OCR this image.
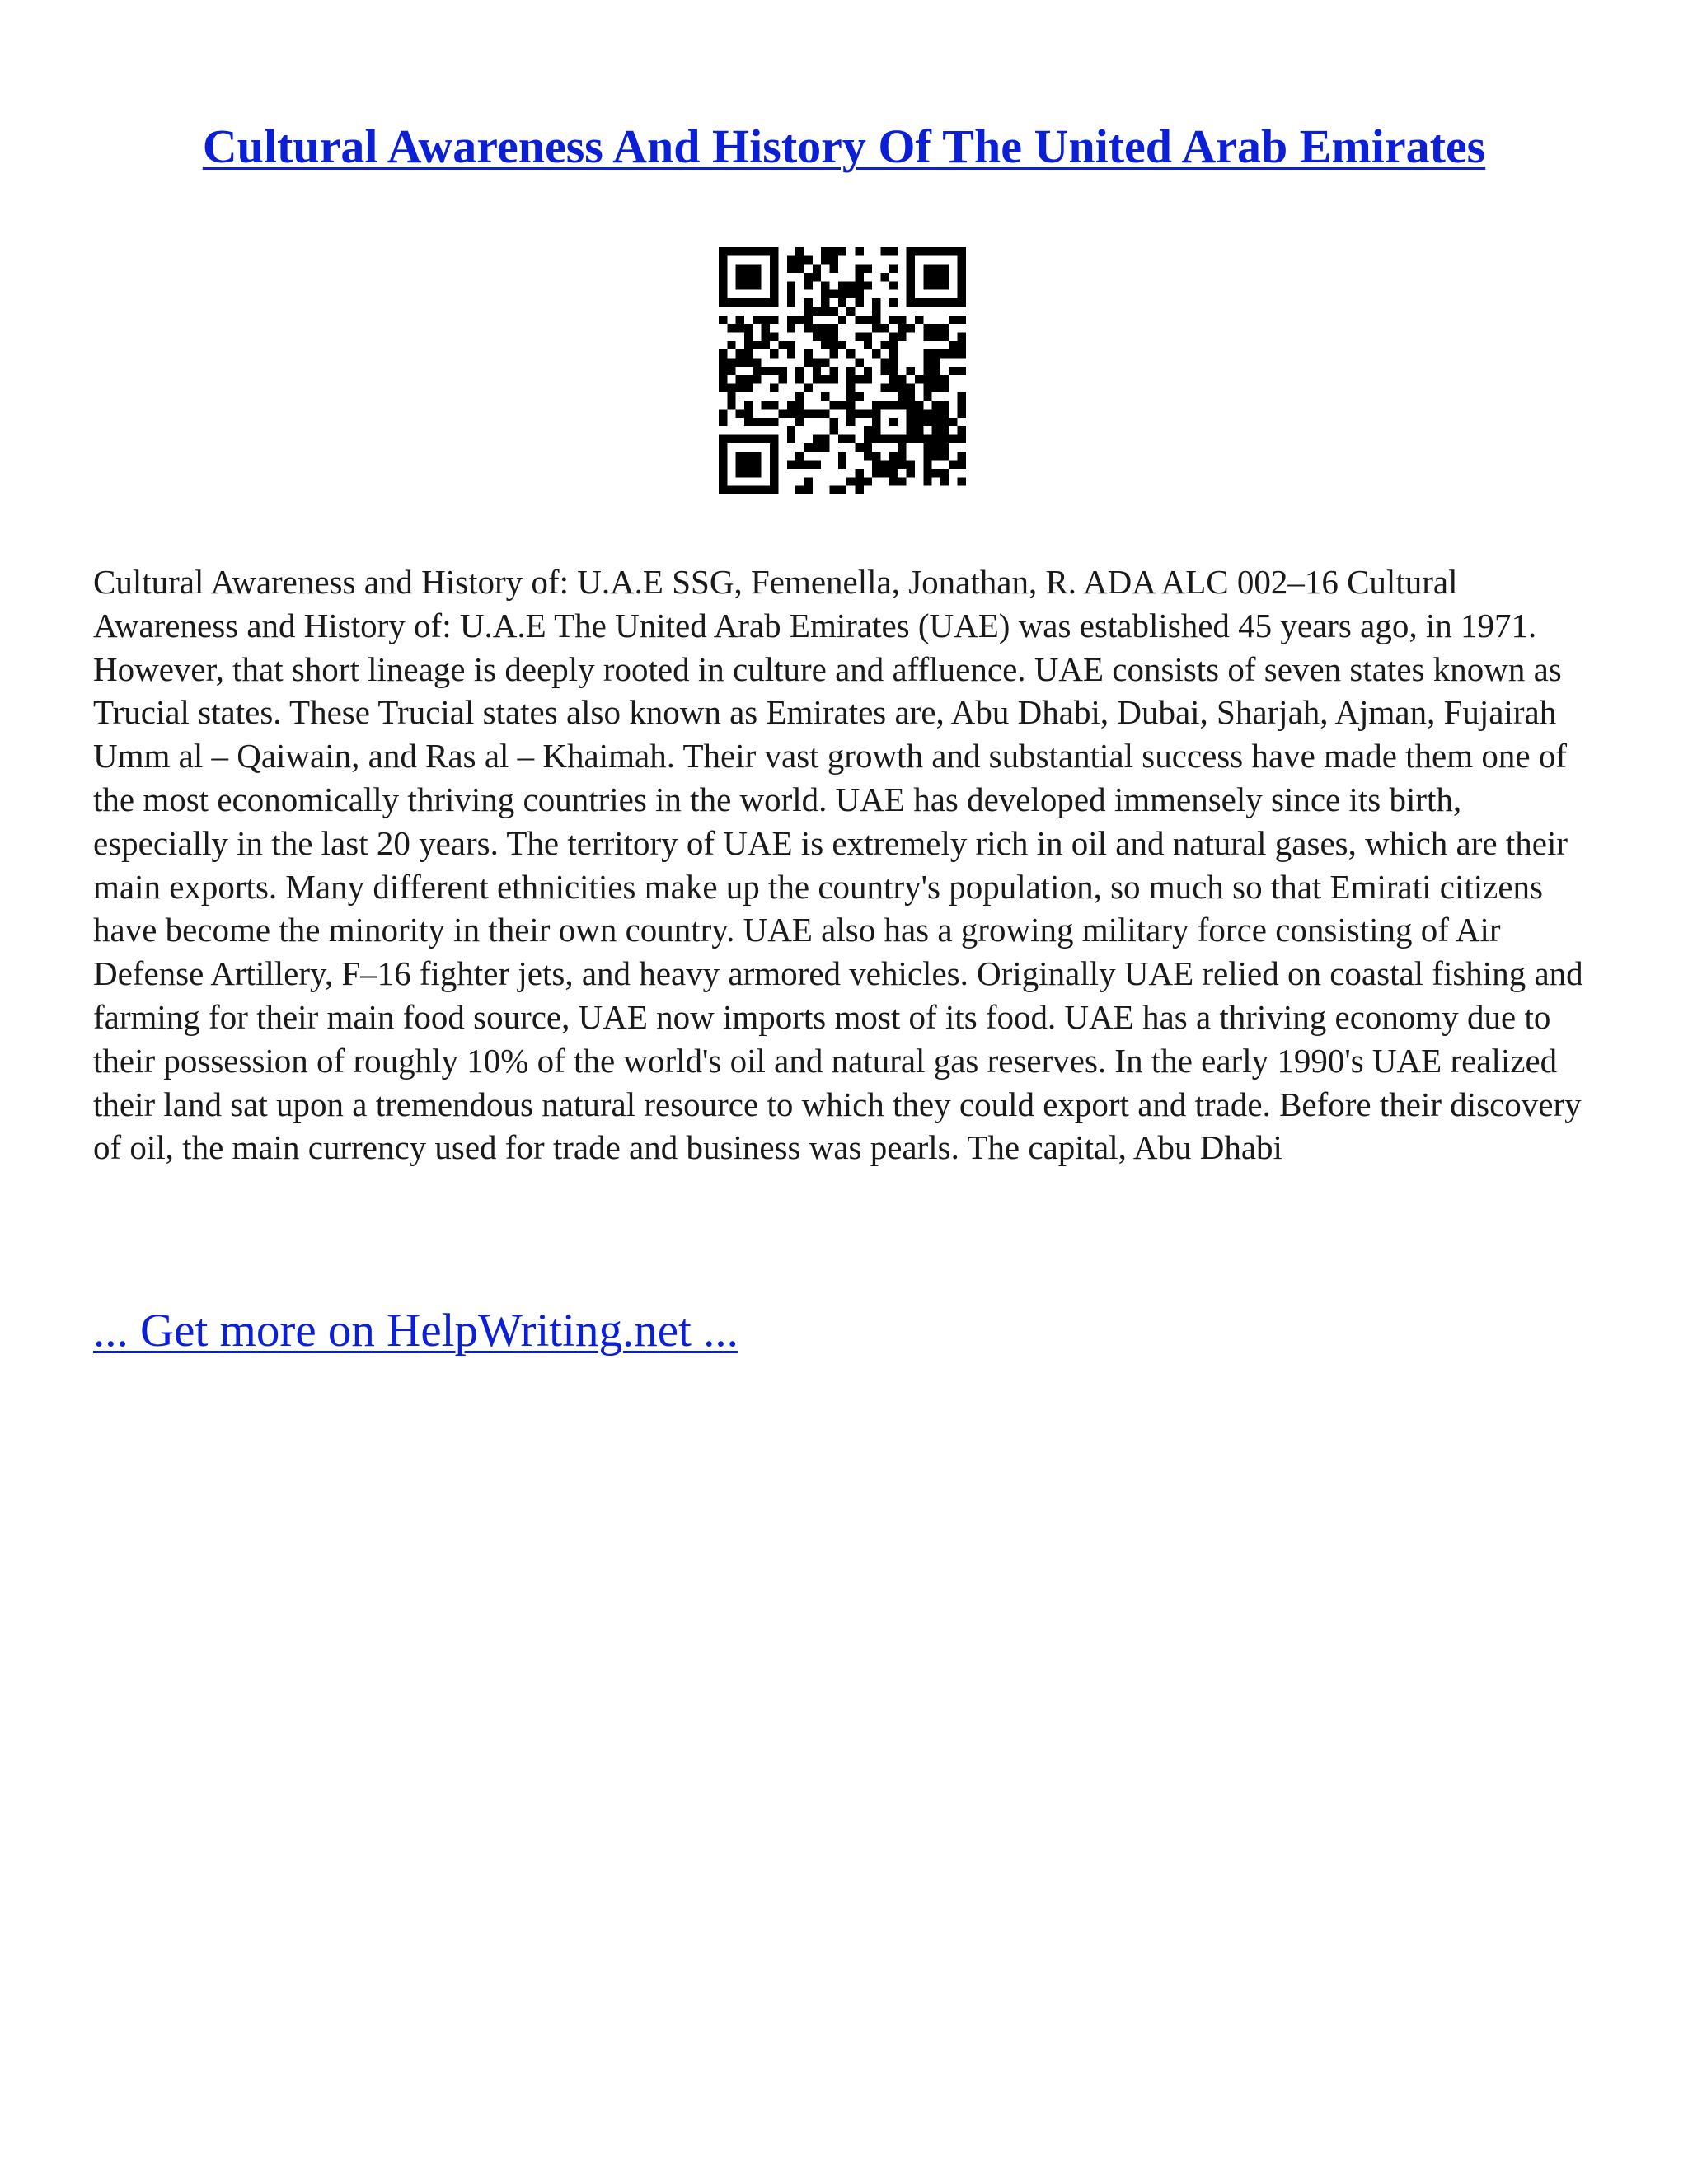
Cultural Awareness And History Of The United Arab Emirates

Cultural Awareness and History of: U.A.E SSG, Femenella, Jonathan, R. ADA ALC 002–16 Cultural Awareness and History of: U.A.E The United Arab Emirates (UAE) was established 45 years ago, in 1971. However, that short lineage is deeply rooted in culture and affluence. UAE consists of seven states known as Trucial states. These Trucial states also known as Emirates are, Abu Dhabi, Dubai, Sharjah, Ajman, Fujairah Umm al – Qaiwain, and Ras al – Khaimah. Their vast growth and substantial success have made them one of the most economically thriving countries in the world. UAE has developed immensely since its birth, especially in the last 20 years. The territory of UAE is extremely rich in oil and natural gases, which are their main exports. Many different ethnicities make up the country's population, so much so that Emirati citizens have become the minority in their own country. UAE also has a growing military force consisting of Air Defense Artillery, F–16 fighter jets, and heavy armored vehicles. Originally UAE relied on coastal fishing and farming for their main food source, UAE now imports most of its food. UAE has a thriving economy due to their possession of roughly 10% of the world's oil and natural gas reserves. In the early 1990's UAE realized their land sat upon a tremendous natural resource to which they could export and trade. Before their discovery of oil, the main currency used for trade and business was pearls. The capital, Abu Dhabi

... Get more on HelpWriting.net ...
